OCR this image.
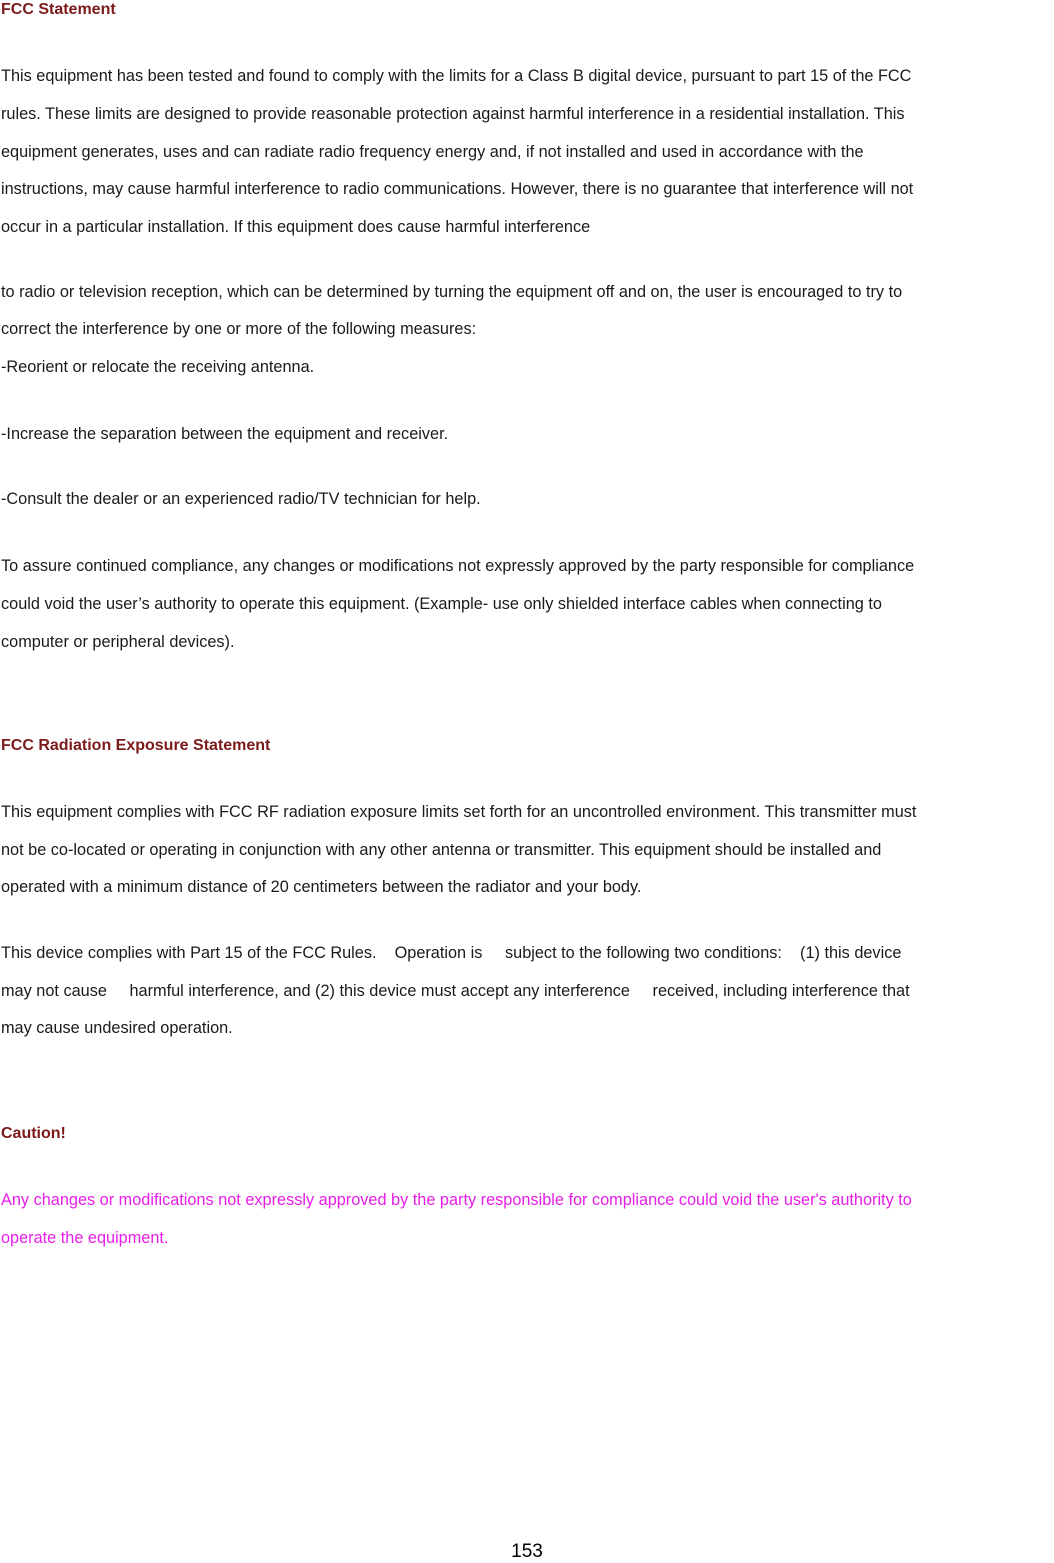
FCC Statement
This equipment has been tested and found to comply with the limits for a Class B digital device, pursuant to part 15 of the FCC
rules. These limits are designed to provide reasonable protection against harmful interference in a residential installation. This
equipment generates, uses and can radiate radio frequency energy and, if not installed and used in accordance with the
instructions, may cause harmful interference to radio communications. However, there is no guarantee that interference will not
occur in a particular installation. If this equipment does cause harmful interference
to radio or television reception, which can be determined by turning the equipment off and on, the user is encouraged to try to
correct the interference by one or more of the following measures:
-Reorient or relocate the receiving antenna.
-Increase the separation between the equipment and receiver.
-Consult the dealer or an experienced radio/TV technician for help.
To assure continued compliance, any changes or modifications not expressly approved by the party responsible for compliance
could void the user’s authority to operate this equipment. (Example- use only shielded interface cables when connecting to
computer or peripheral devices).
FCC Radiation Exposure Statement
This equipment complies with FCC RF radiation exposure limits set forth for an uncontrolled environment. This transmitter must
not be co-located or operating in conjunction with any other antenna or transmitter. This equipment should be installed and
operated with a minimum distance of 20 centimeters between the radiator and your body.
This device complies with Part 15 of the FCC Rules.    Operation is     subject to the following two conditions:    (1) this device
may not cause     harmful interference, and (2) this device must accept any interference     received, including interference that
may cause undesired operation.
Caution!
Any changes or modifications not expressly approved by the party responsible for compliance could void the user's authority to
operate the equipment.
153
